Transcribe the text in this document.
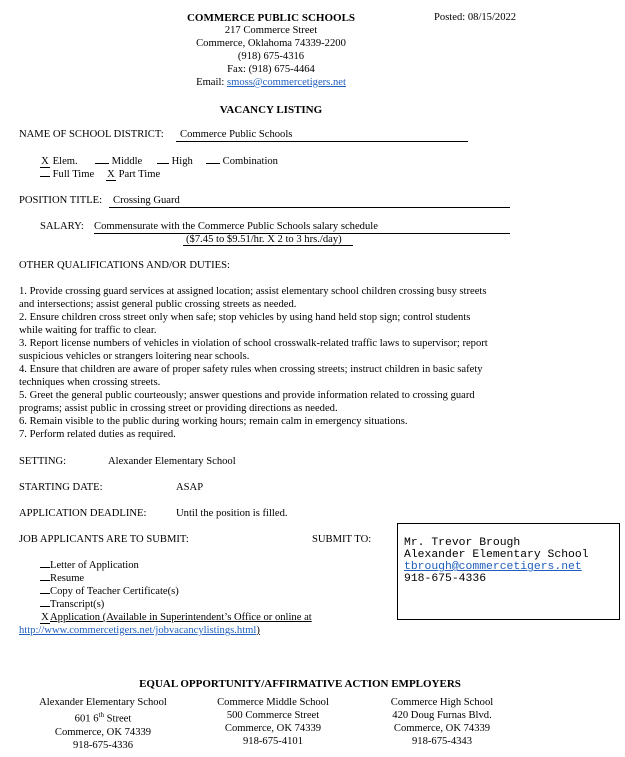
COMMERCE PUBLIC SCHOOLS	Posted: 08/15/2022
217 Commerce Street
Commerce, Oklahoma 74339-2200
(918) 675-4316
Fax: (918) 675-4464
Email: smoss@commercetigers.net
VACANCY LISTING
NAME OF SCHOOL DISTRICT: Commerce Public Schools
X Elem.	Middle	High	Combination
Full Time X Part Time
POSITION TITLE: Crossing Guard
SALARY: Commensurate with the Commerce Public Schools salary schedule
($7.45 to $9.51/hr. X 2 to 3 hrs./day)
OTHER QUALIFICATIONS AND/OR DUTIES:
1. Provide crossing guard services at assigned location; assist elementary school children crossing busy streets
and intersections; assist general public crossing streets as needed.
2. Ensure children cross street only when safe; stop vehicles by using hand held stop sign; control students
while waiting for traffic to clear.
3. Report license numbers of vehicles in violation of school crosswalk-related traffic laws to supervisor; report
suspicious vehicles or strangers loitering near schools.
4. Ensure that children are aware of proper safety rules when crossing streets; instruct children in basic safety
techniques when crossing streets.
5. Greet the general public courteously; answer questions and provide information related to crossing guard
programs; assist public in crossing street or providing directions as needed.
6. Remain visible to the public during working hours; remain calm in emergency situations.
7. Perform related duties as required.
SETTING:	Alexander Elementary School
STARTING DATE:	ASAP
APPLICATION DEADLINE:	Until the position is filled.
JOB APPLICANTS ARE TO SUBMIT:	SUBMIT TO:
Letter of Application
Resume
Copy of Teacher Certificate(s)
Transcript(s)
XApplication (Available in Superintendent’s Office or online at
http://www.commercetigers.net/jobvacancylistings.html)
Mr. Trevor Brough
Alexander Elementary School
tbrough@commercetigers.net
918-675-4336
EQUAL OPPORTUNITY/AFFIRMATIVE ACTION EMPLOYERS
Alexander Elementary School
601 6th Street
Commerce, OK 74339
918-675-4336
Commerce Middle School
500 Commerce Street
Commerce, OK 74339
918-675-4101
Commerce High School
420 Doug Furnas Blvd.
Commerce, OK 74339
918-675-4343
